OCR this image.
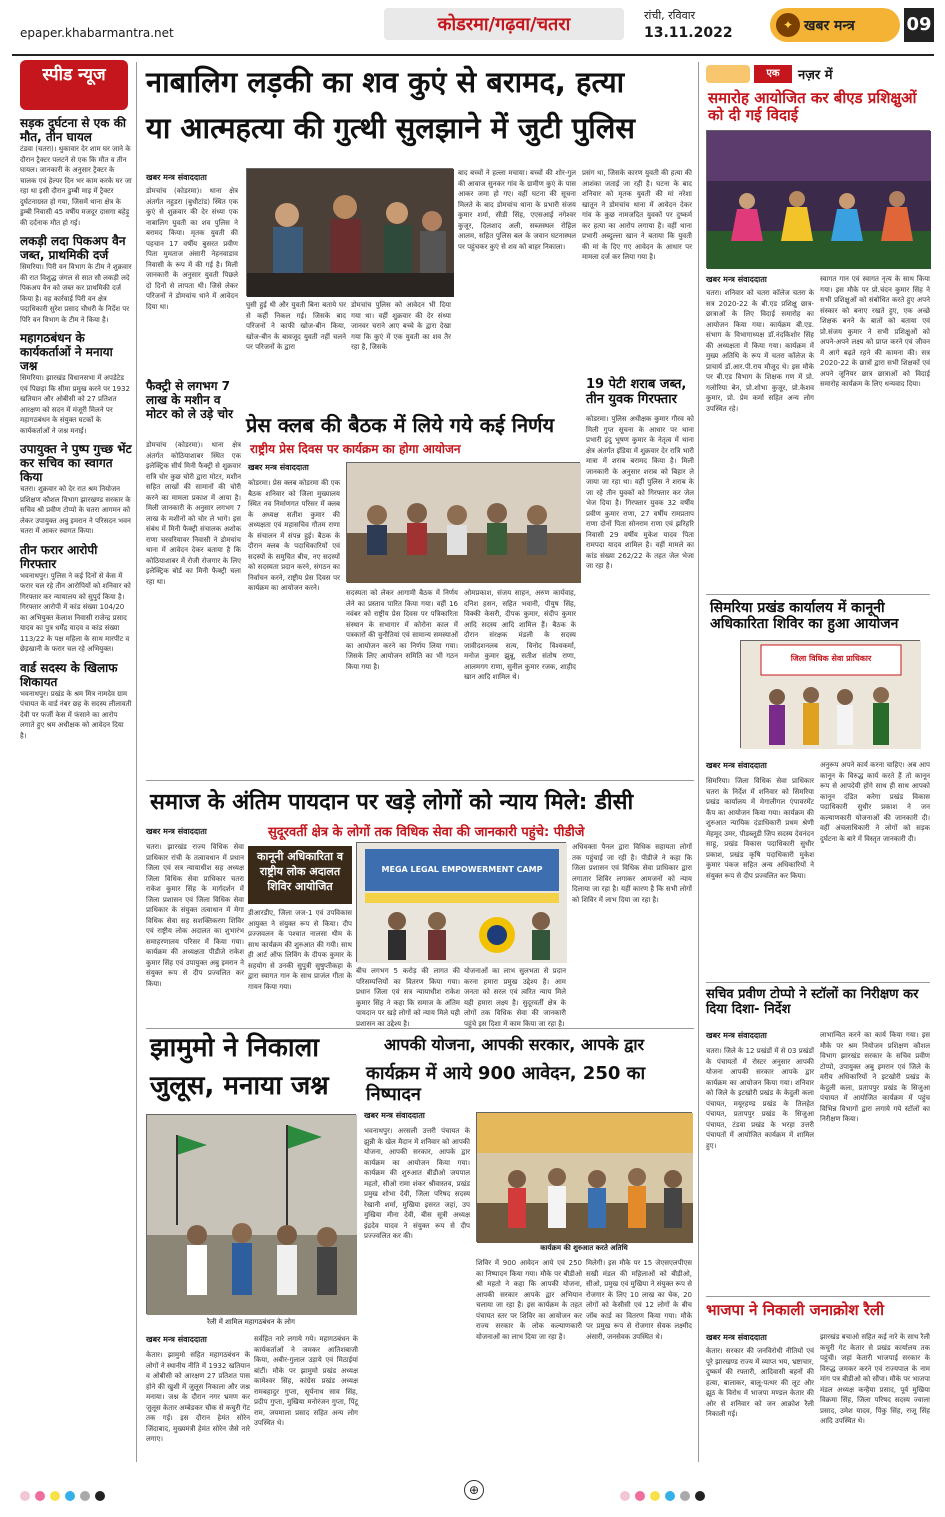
epaper.khabarmantra.net	कोडरमा/गढ़वा/चतरा	रांची, रविवार
13.11.2022	✦ खबर मन्त्र	09
स्पीड न्यूज
सड़क दुर्घटना से एक की मौत, तीन घायल
टंडवा (चतरा)। थुकावार देर शाम घर जाने के दौरान ट्रैक्टर पलटने से एक कि मौत व तीन घायल। जानकारी के अनुसार ट्रैक्टर के चालक एवं हेल्पर दिन भर काम करके घर जा रहा था इसी दौरान डुम्बी माइ में ट्रैक्टर दुर्घटनाग्रस्त हो गया, जिसमें थाना क्षेत्र के डुम्बी निवासी 45 वर्षीय मजदूर दासगा बहेड़ू की दर्दनाक मौत हो गई।
लकड़ी लदा पिकअप वैन जब्त, प्राथमिकी दर्ज
सिमरिया। पिरी वन विभाग के टीम ने शुक्रवार की रात विशुद्ध जंगल से सात सौ लकड़ी लदे पिकअप वैन को जब्त कर प्राथमिकी दर्ज किया है। वह कार्रवाई पिरी वन क्षेत्र पदाधिकारी सुरेश प्रसाद चौधरी के निर्देश पर पिरि वन विभाग के टीम ने किया है।
महागठबंधन के कार्यकर्ताओं ने मनाया जश्न
सिमरिया। झारखंड विधानसभा में अपडेटेड एवं पिछड़ा कि सीमा प्रमुख करने पर 1932 खतियान और ओबीसी को 27 प्रतिशत आरक्षण को सदन में मंजूरी मिलने पर महागठबंधन के संयुक्त घटकों के कार्यकर्ताओं ने जश्न मनाई।
उपायुक्त ने पुष्प गुच्छ भेंट कर सचिव का स्वागत किया
चतरा। शुक्रवार को देर रात श्रम नियोजन प्रशिक्षण कौशल विभाग झारखण्ड सरकार के सचिव श्री प्रवीण टोप्पो के चतरा आगमन को लेकर उपायुक्त अबु इमरान ने परिसदन भवन चतरा में आकर स्वागत किया।
तीन फरार आरोपी गिरफ्तार
भवनाथपुर। पुलिस ने कई दिनों से केस में फरार चल रहे तीन आरोपियों को शनिवार को गिरफ्तार कर न्यायालय को सुपुर्द किया है। गिरफ्तार आरोपी में कांड संख्या 104/20 का अभियुक्त केलाश निवासी राजेन्द्र प्रसाद यादव का पुत्र धर्मेंद्र यादव व कांड संख्या 113/22 के पक्ष महिला के साथ मारपीट व छेड़खानी के फरार चल रहे अभियुक्त।
वार्ड सदस्य के खिलाफ शिकायत
भवनाथपुर। प्रखंड के श्रम मित्र नामदेव ग्राम पंचायत के वार्ड नंबर छह के सदस्य लीलावती देवी पर फर्जी केस में फंसाने का आरोप लगाते हुए श्रम अधीक्षक को आवेदन दिया है।
नाबालिग लड़की का शव कुएं से बरामद, हत्या
या आत्महत्या की गुत्थी सुलझाने में जुटी पुलिस
खबर मन्त्र संवाददाता
डोमचांच (कोडरमा)। थाना क्षेत्र अंतर्गत नहुडरा (बुधौटांड) स्थित एक कुएं से शुक्रवार की देर संध्या एक नाबालिग युवती का शव पुलिस ने बरामद किया। मृतक युवती की पहचान 17 वर्षीय बुसरत प्रवीण पिता मुमताज अंसारी नेहनवाडाव निवासी के रूप में की गई है। मिली जानकारी के अनुसार युवती पिछले दो दिनों से लापता थी। जिसे लेकर परिजनों ने डोमचांच थाने में आवेदन दिया था।	घुसी हुई थी और युवती बिना बताये घर से कहीं निकल गई। जिसके बाद परिजनों ने काफी खोज-बीन किया, खोज-बीन के बावजूद युवती नहीं चलने पर परिजनों के द्वारा
डोमचांच पुलिस को आवेदन भी दिया गया था। वहीं शुक्रवार की देर संध्या जानवर चराने आए बच्चे के द्वारा देखा गया कि कुएं में एक युवती का शव तैर रहा है, जिसके
बाद बच्चों ने हल्ला मचाया। बच्चों की शोर-गुल की आवाज सुनकर गांव के ग्रामीण कुएं के पास आकर जमा हो गए। वहीं घटना की सूचना मिलते के बाद डोमचांच थाना के प्रभारी संजय कुमार शर्मा, सीडी सिंह, एएसआई नगेश्वर कुजूर, दिलशाद अली, सब्जस्थल रोहिल आलम, सहित पुलिस बल के जवान घटनास्थल पर पहुंचकर कुएं से शव को बाहर निकाला।
प्रसंग था, जिसके कारण युवती की हत्या की आशंका जताई जा रही है। घटना के बाद शनिवार को मृतक युवती की मां नरेशा खातून ने डोमचांच थाना में आवेदन देकर गांव के कुछ नामजदित युवकों पर दुष्कर्म कर हत्या का आरोप लगाया है। वहीं थाना प्रभारी अब्दुल्ला खान ने बताया कि युवती की मां के दिए गए आवेदन के आधार पर मामला दर्ज कर लिया गया है।
फैक्ट्री से लगभग 7 लाख के मशीन व मोटर को ले उड़े चोर
डोमचांच (कोडरमा)। थाना क्षेत्र अंतर्गत कोठियाशाबर स्थित एक इलेक्ट्रिक सीर्य मिनी फैक्ट्री से शुक्रवार रात्रि चोर कुछ चोरी द्वारा मोटर, मशीन सहित लाखों की सामानों की चोरी करने का मामला प्रकाश में आया है। मिली जानकारी के अनुसार लगभग 7 लाख के मशीनों को चोर ले भागे। इस संबंध में मिनी फैक्ट्री संचालक अशोक राणा चरवरियावर निवासी ने डोमचांच थाना में आवेदन देकर बताया है कि कोठियाशाबर में रोजी रोजगार के लिए इलेक्ट्रिक बोर्ड का मिनी फैक्ट्री चला रहा था।
प्रेस क्लब की बैठक में लिये गये कई निर्णय
राष्ट्रीय प्रेस दिवस पर कार्यक्रम का होगा आयोजन
खबर मन्त्र संवाददाता
कोडरमा। प्रेस क्लब कोडरमा की एक बैठक शनिवार को जिला मुख्यालय स्थित नव निर्माणगत परिसर में क्लब के अध्यक्ष सतीश कुमार की अध्यक्षता एवं महासचिव गौतम राणा के संचालन में संपन्न हुई। बैठक के दौरान क्लब के पदाधिकारियों एवं सदस्यों के समुचित बीच, नए सदस्यों को सदस्यता प्रदान करने, संगठन का निर्वाचन करने, राष्ट्रीय प्रेस दिवस पर कार्यक्रम का आयोजन करने।
सदस्यता को लेकर आगामी बैठक में निर्णय लेने का प्रस्ताव पारित किया गया। वहीं 16 नवंबर को राष्ट्रीय प्रेस दिवस पर पत्रिकारिता संस्थान के सभागार में कोरोना काल में पत्रकारों की चुनौतियां एवं सामान्य समस्याओं का आयोजन करने का निर्णय लिया गया। जिसके लिए आयोजन समिति का भी गठन किया गया है।
ओमप्रकाश, संजय साहन, अरुण कार्यवाह, दनिश हसन, सहित भवानी, पीयुष सिंह, विक्की केसरी, दीपक कुमार, संदीप कुमार आदि सदस्य आदि शामिल हैं। बैठक के दौरान संरक्षक मंडली के सदस्य जावीदशनलब सत्य, विनोद विश्वकर्मा, मनोज कुमार झुन्नू, सतीश संतोष राणा, आलमगग राणा, सुनील कुमार रजक, शाहीद खान आदि शामिल थे।
19 पेटी शराब जब्त, तीन युवक गिरफ्तार
कोडरमा। पुलिस अधीक्षक कुमार गौरव को मिली गुप्त सूचना के आधार पर थाना प्रभारी इंदु भूषण कुमार के नेतृत्व में थाना क्षेत्र अंतर्गत इंडिया में शुक्रवार देर रात्रि भारी मात्रा में शराब बरामद किया है। मिली जानकारी के अनुसार शराब को बिहार ले जाया जा रहा था। वहीं पुलिस ने शराब के जा रहे तीन युवकों को गिरफ्तार कर जेल भेज दिया है। गिरफ्तार युवक 32 वर्षीय प्रवीण कुमार राणा, 27 वर्षीय रामप्रताप राणा दोनों पिता सोनराम राणा एवं झरिहरि निवासी 29 वर्षीय मुकेश यादव पिता रामपदा यादव शामिल है। वहीं मामले का कांड संख्या 262/22 के तहत जेल भेजा जा रहा है।
समाज के अंतिम पायदान पर खड़े लोगों को न्याय मिले: डीसी
सुदूरवर्ती क्षेत्र के लोगों तक विधिक सेवा की जानकारी पहुंचे: पीडीजे
खबर मन्त्र संवाददाता
चतरा। झारखंड राज्य विधिक सेवा प्राधिकार रांची के तत्वावधान में प्रधान जिला एवं सत्र न्यायाधीश सह अध्यक्ष जिला विधिक सेवा प्राधिकार चतरा राकेश कुमार सिंह के मार्गदर्शन में जिला प्रशासन एवं जिला विधिक सेवा प्राधिकार के संयुक्त तत्वाधान में मेगा विधिक सेवा सह सशक्तिकरण शिविर एवं राष्ट्रीय लोक अदालत का शुभारंभ समाहरणालय परिसर में किया गया। कार्यक्रम की अध्यक्षता पीडीजे राकेश कुमार सिंह एवं उपायुक्त अबु इमरान ने संयुक्त रूप से दीप प्रज्वलित कर किया।
कानूनी अधिकारिता व
राष्ट्रीय लोक अदालत
शिविर आयोजित
डीआरडीए, जिला जज-1 एवं उपविकास आयुक्त ने संयुक्त रूप से किया। दीप प्रज्जवलन के पश्चात नालसा थीम के साथ कार्यक्रम की शुरुआत की गयी। साथ ही आर्ट ऑफ लिविंग के दीपक कुमार के सहयोग से उनकी सुपुत्री सुषुप्तीकहा के द्वारा स्वागत गान के साथ प्राजंल गीता के गायन किया गया।
MEGA LEGAL EMPOWERMENT CAMP
बीच लगभग 5 करोड़ की लागत की परिसम्पत्तियों का वितरण किया गया। प्रधान जिला एवं सत्र न्यायाधीश राकेश कुमार सिंह ने कहा कि समाज के अंतिम पायदान पर खड़े लोगों को न्याय मिले यही प्रशासन का उद्देश्य है।
योजनाओं का लाभ सुलभता से प्रदान करना हमारा प्रमुख उद्देश्य है। आम जनता को सरल एवं त्वरित न्याय मिले यही हमारा लक्ष्य है। सुदूरवर्ती क्षेत्र के लोगों तक विधिक सेवा की जानकारी पहुंचे इस दिशा में काम किया जा रहा है।
अधिवक्ता पैनल द्वारा विधिक सहायता लोगों तक पहुंचाई जा रही है। पीडीजे ने कहा कि जिला प्रशासन एवं विधिक सेवा प्राधिकार द्वारा लगातार शिविर लगाकर आमजनों को न्याय दिलाया जा रहा है। यहीं कारण है कि सभी लोगों को शिविर में लाभ दिया जा रहा है।
झामुमो ने निकाला
जुलूस, मनाया जश्न
रैली में शामिल महागठबंधन के लोग
खबर मन्त्र संवाददाता
केतार। झामुमो सहित महागठबंधन के लोगों ने स्थानीय नीति में 1932 खतियान व ओबीसी को आरक्षण 27 प्रतिशत पास होने की खुशी में जुलूस निकाला और जश्न मनाया। जश्न के दौरान नगर भ्रमण कर जुलूस केतार अम्बेडकर चौक से कचुरी गेट तक गई। इस दौरान हेमंत सोरेन जिंदाबाद, मुख्यमंत्री हेमंत सोरेन जैसे नारे लगाए।
सर्वहित नारे लगाये गये। महागठबंधन के कार्यकर्ताओं ने जमकर आतिशबाजी किया, अबीर-गुलाल उड़ाये एवं मिठाईयां बांटीं। मौके पर झामुमो प्रखंड अध्यक्ष कामेश्वर सिंह, कांग्रेस प्रखंड अध्यक्ष रामबहादुर गुप्ता, सूर्यनाथ साव सिंह, प्रदीप गुप्ता, मुखिया मनोरंजन गुप्ता, पिंटू राम, जयमाला प्रसाद सहित अन्य लोग उपस्थित थे।
आपकी योजना, आपकी सरकार, आपके द्वार
कार्यक्रम में आये 900 आवेदन, 250 का निष्पादन
खबर मन्त्र संवाददाता
भवनाथपुर। अरसली उत्तरी पंचायत के झुन्नी के खेल मैदान में शनिवार को आपकी योजना, आपकी सरकार, आपके द्वार कार्यक्रम का आयोजन किया गया। कार्यक्रम की शुरुआत बीडीओ जयपाल महतो, सीओ रामा शंकर श्रीवास्तव, प्रखंड प्रमुख शोभा देवी, जिला परिषद सदस्य रेखानी शर्मा, मुखिया इसरत जहां, उप मुखिया मीना देवी, बीस सूत्री अध्यक्ष इंद्रदेव यादव ने संयुक्त रूप से दीप प्रज्ज्वलित कर की।
कार्यक्रम की शुरुआत करते अतिथि
शिविर में 900 आवेदन आये एवं 250 का निष्पादन किया गया। मौके पर बीडीओ श्री महतो ने कहा कि आपकी योजना, आपकी सरकार आपके द्वार अभियान चलाया जा रहा है। इस कार्यक्रम के तहत पंचायत स्तर पर शिविर का आयोजन कर राज्य सरकार के लोक कल्याणकारी योजनाओं का लाभ दिया जा रहा है।
मिलेगी। इस मौके पर 15 जेएसएलपीएस सखी मंडल की महिलाओं को बीडीओ, सीओ, प्रमुख एवं मुखिया ने संयुक्त रूप से रोजगार के लिए 10 लाख का चेक, 20 लोगों को केसीसी एवं 12 लोगों के बीच जॉब कार्ड का वितरण किया गया। मौके पर प्रमुख रूप से रोजगार सेवक लक्ष्मीद अंसारी, जनसेवक उपस्थित थे।
एक	नज़र में
समारोह आयोजित कर बीएड प्रशिक्षुओं को दी गई विदाई
खबर मन्त्र संवाददाता
चतरा। शनिवार को चतरा कॉलेज चतरा के सत्र 2020-22 के बी.एड प्रशिक्षु छात्र-छात्राओं के लिए विदाई समारोह का आयोजन किया गया। कार्यक्रम बी.एड. संभाग के विभागाध्यक्ष डॉ.नंदकिशोर सिंह की अध्यक्षता में किया गया। कार्यक्रम में मुख्य अतिथि के रूप में चतरा कॉलेज के प्राचार्य डॉ.आर.पी.राय मौजूद थे। इस मौके पर बी.एड विभाग के शिक्षक गण में प्रो. गलोरिया बेन, प्रो.शोभा कुजूर, प्रो.केशव कुमार, प्रो. प्रेम कर्मा सहित अन्य लोग उपस्थित रहे।
स्वागत गान एवं स्वागत नृत्य के साथ किया गया। इस मौके पर प्रो.चंदन कुमार सिंह ने सभी प्रशिक्षुओं को संबोधित करते हुए अपने संस्कार को बनाए रखते हुए, एक अच्छे शिक्षक बनने के बातों को बताया एवं प्रो.संजय कुमार ने सभी प्रशिक्षुओं को अपने-अपने लक्ष्य को प्राप्त करने एवं जीवन में आगे बढ़ते रहने की कामना की। सत्र 2020-22 के छात्रों द्वारा सभी शिक्षकों एवं अपने जूनियर छात्र छात्राओं को विदाई समारोह कार्यक्रम के लिए धन्यवाद दिया।
सिमरिया प्रखंड कार्यालय में कानूनी अधिकारिता शिविर का हुआ आयोजन
जिला विधिक सेवा प्राधिकार
खबर मन्त्र संवाददाता
सिमरिया। जिला विधिक सेवा प्राधिकार चतरा के निर्देश में शनिवार को सिमरिया प्रखंड कार्यालय में मेगालीगल एंपावरमेंट कैंप का आयोजन किया गया। कार्यक्रम की शुरुआत न्यायिक दंडाधिकारी प्रथम श्रेणी मेहमूद उमर, पीडब्लूडी जिप सदस्य देवनंदन साहू, प्रखंड विकास पदाधिकारी सुधीर प्रकाश, प्रखंड कृषि पदाधिकारी मुकेश कुमार पंकज सहित अन्य अधिकारियों ने संयुक्त रूप से दीप प्रज्वलित कर किया।
अनुरूप अपने कार्य करना चाहिए। अब आप कानून के विरुद्ध कार्य करते हैं तो कानून रूप से आपदेयी होंगे साथ ही साथ आपको कानून दंडित करेगा प्रखंड विकास पदाधिकारी सुधीर प्रकाश ने जन कल्याणकारी योजनाओं की जानकारी दी। वहीं अंचलाधिकारी ने लोगों को सड़क दुर्घटना के बारे में विस्तृत जानकारी दी।
सचिव प्रवीण टोप्पो ने स्टॉलों का निरीक्षण कर दिया दिशा- निर्देश
खबर मन्त्र संवाददाता
चतरा। जिले के 12 प्रखंडों में से 03 प्रखंडों के पंचायतों में रोस्टर अनुसार आपकी योजना आपकी सरकार आपके द्वार कार्यक्रम का आयोजन किया गया। शनिवार को जिले के इटखोरी प्रखंड के केदुली कला पंचायत, मयूरहण्ड प्रखंड के तिलहेत पंचायत, प्रतापपुर प्रखंड के सिजुआ पंचायत, टंडवा प्रखंड के भरहा उत्तरी पंचायतों में आयोजित कार्यक्रम में शामिल हुए।
लाभान्वित करने का कार्य किया गया। इस मौके पर श्रम नियोजन प्रशिक्षण कौशल विभाग झारखंड सरकार के सचिव प्रवीण टोप्पो, उपायुक्त अबु इमरान एवं जिले के वरीय अधिकारियों ने इटखोरी प्रखंड के केदुली कला, प्रतापपुर प्रखंड के सिजुआ पंचायत में आयोजित कार्यक्रम में पहुंच विभिन्न विभागों द्वारा लगाये गये स्टॉलों का निरीक्षण किया।
भाजपा ने निकाली जनाक्रोश रैली
खबर मन्त्र संवाददाता
केतार। सरकार की जनविरोधी नीतियों एवं पूरे झारखण्ड राज्य में व्याप्त भय, भ्रष्टाचार, दुष्कर्म की रफ्तारी, आदिवासी बहनों की हत्या, बालाकर, बालू-पत्थर की लूट और झूठ के विरोध में भाजपा मण्डल केतार की ओर से शनिवार को जन आक्रोश रैली निकाली गई।
झारखंड बचाओ सहित कई नारे के साथ रैली कचुरी गेट केतार से प्रखंड कार्यालय तक पहुंची। जहां केतारी भाजपाई सरकार के विरुद्ध जमकर करने एवं राज्यपाल के नाम मांग पत्र बीडीओ को सौंपा। मौके पर भाजपा मंडल अध्यक्ष कन्हैया प्रसाद, पूर्व मुखिया विक्रमा सिंह, जिला परिषद सदस्य ज्वाला प्रसाद, उमेश यादव, पिंकु सिंह, राजू सिंह आदि उपस्थित थे।
⊕
